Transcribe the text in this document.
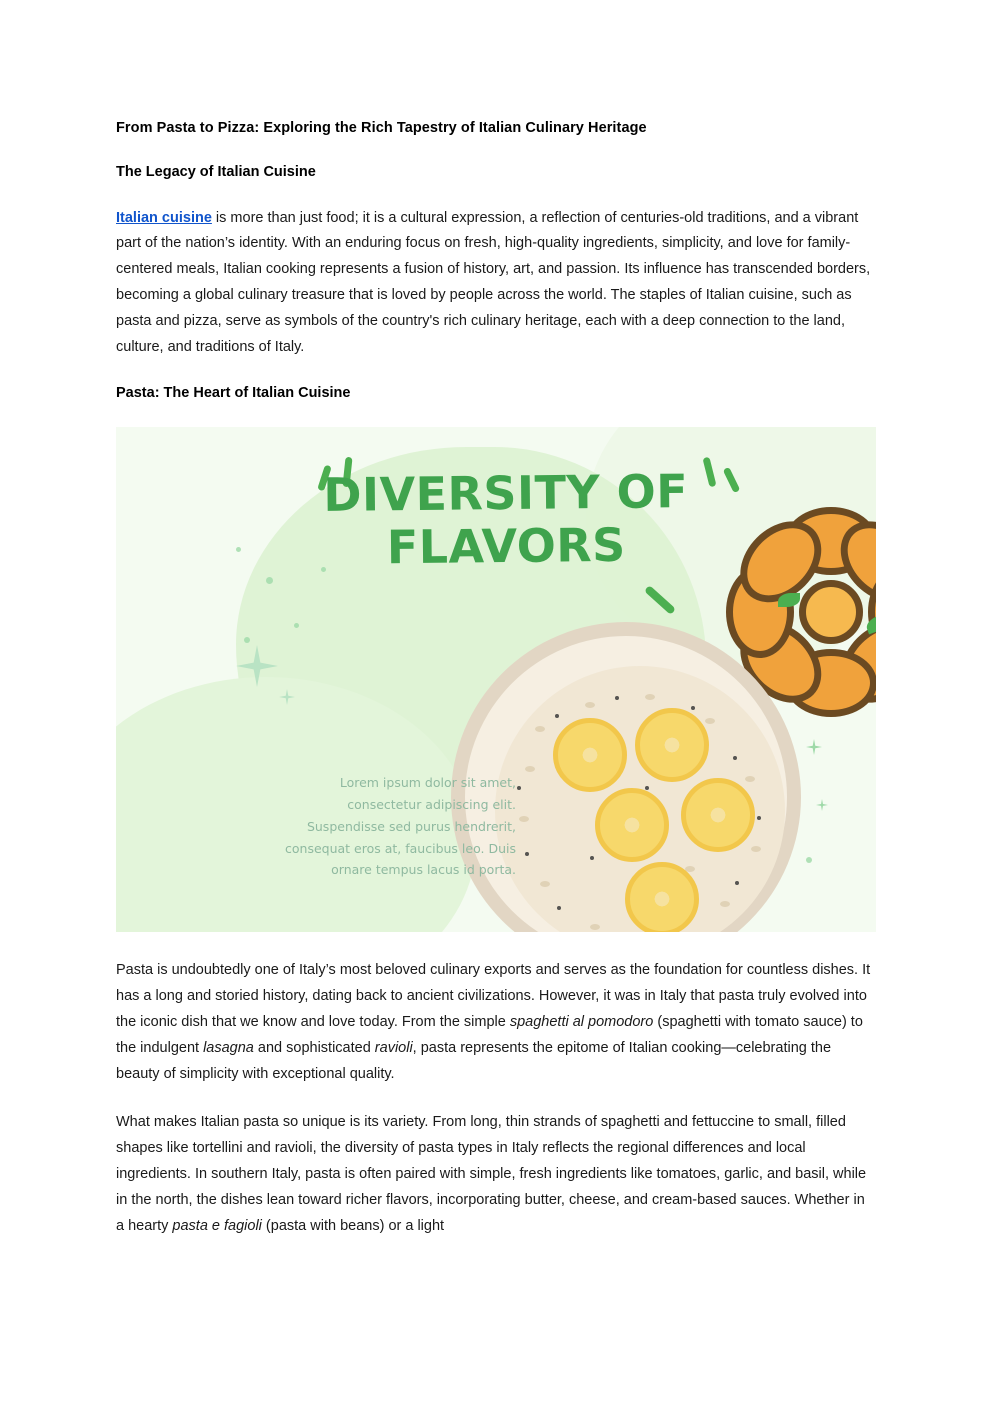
From Pasta to Pizza: Exploring the Rich Tapestry of Italian Culinary Heritage
The Legacy of Italian Cuisine

Italian cuisine is more than just food; it is a cultural expression, a reflection of centuries-old traditions, and a vibrant part of the nation’s identity. With an enduring focus on fresh, high-quality ingredients, simplicity, and love for family-centered meals, Italian cooking represents a fusion of history, art, and passion. Its influence has transcended borders, becoming a global culinary treasure that is loved by people across the world. The staples of Italian cuisine, such as pasta and pizza, serve as symbols of the country's rich culinary heritage, each with a deep connection to the land, culture, and traditions of Italy.

Pasta: The Heart of Italian Cuisine
DIVERSITY OF
FLAVORS
Lorem ipsum dolor sit amet, consectetur adipiscing elit. Suspendisse sed purus hendrerit, consequat eros at, faucibus leo. Duis ornare tempus lacus id porta.

Pasta is undoubtedly one of Italy’s most beloved culinary exports and serves as the foundation for countless dishes. It has a long and storied history, dating back to ancient civilizations. However, it was in Italy that pasta truly evolved into the iconic dish that we know and love today. From the simple spaghetti al pomodoro (spaghetti with tomato sauce) to the indulgent lasagna and sophisticated ravioli, pasta represents the epitome of Italian cooking—celebrating the beauty of simplicity with exceptional quality.

What makes Italian pasta so unique is its variety. From long, thin strands of spaghetti and fettuccine to small, filled shapes like tortellini and ravioli, the diversity of pasta types in Italy reflects the regional differences and local ingredients. In southern Italy, pasta is often paired with simple, fresh ingredients like tomatoes, garlic, and basil, while in the north, the dishes lean toward richer flavors, incorporating butter, cheese, and cream-based sauces. Whether in a hearty pasta e fagioli (pasta with beans) or a light
